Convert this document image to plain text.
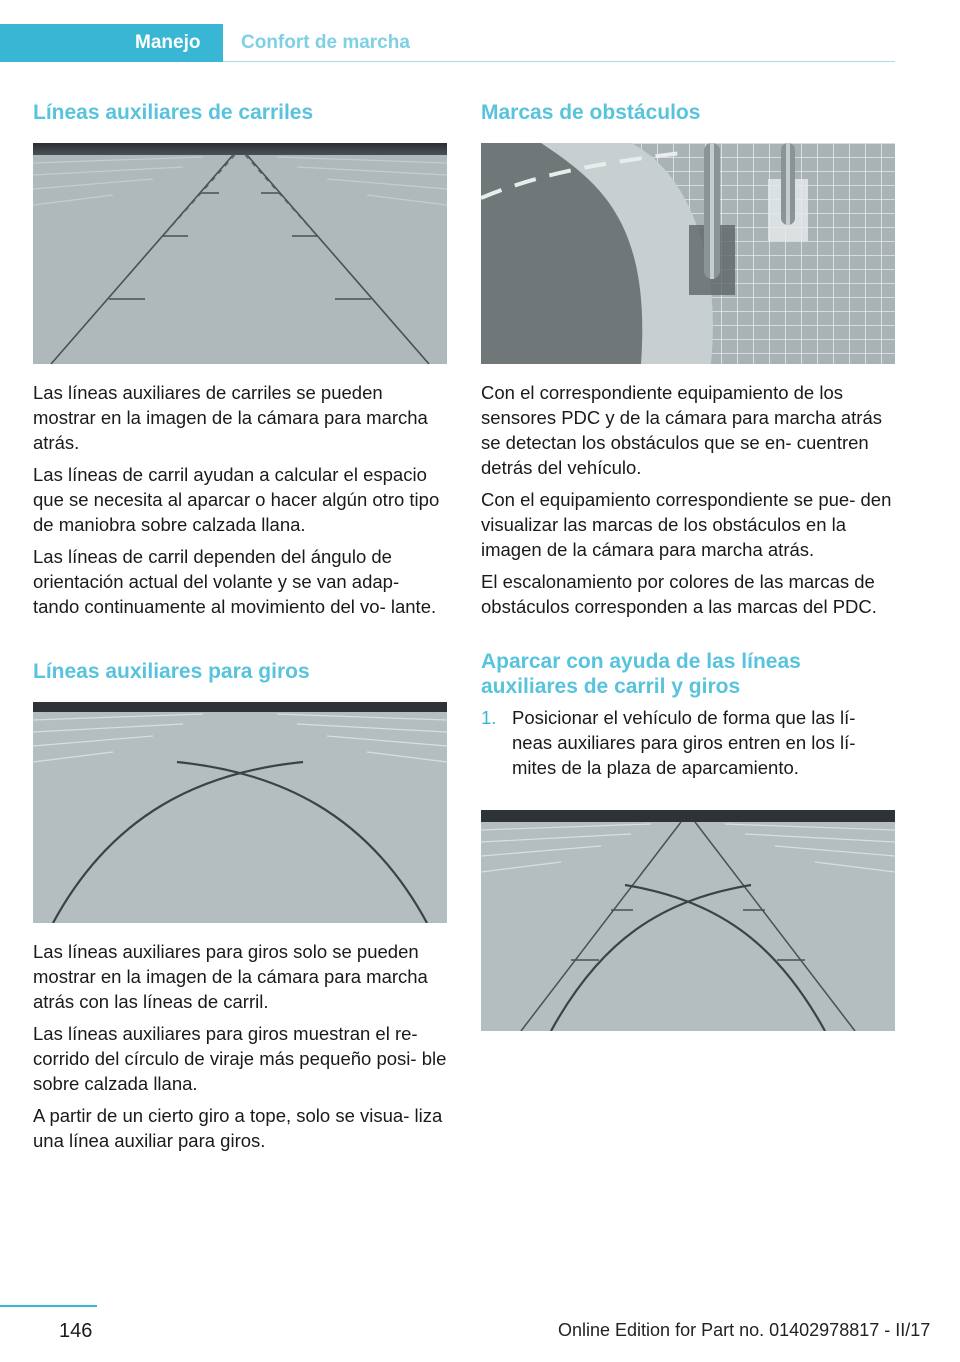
Manejo	Confort de marcha
Líneas auxiliares de carriles

Las líneas auxiliares de carriles se pueden mostrar en la imagen de la cámara para marcha atrás.

Las líneas de carril ayudan a calcular el espacio que se necesita al aparcar o hacer algún otro tipo de maniobra sobre calzada llana.

Las líneas de carril dependen del ángulo de orientación actual del volante y se van adap‐ tando continuamente al movimiento del vo‐ lante.

Líneas auxiliares para giros

Las líneas auxiliares para giros solo se pueden mostrar en la imagen de la cámara para marcha atrás con las líneas de carril.

Las líneas auxiliares para giros muestran el re‐ corrido del círculo de viraje más pequeño posi‐ ble sobre calzada llana.

A partir de un cierto giro a tope, solo se visua‐ liza una línea auxiliar para giros.

Marcas de obstáculos

Con el correspondiente equipamiento de los sensores PDC y de la cámara para marcha atrás se detectan los obstáculos que se en‐ cuentren detrás del vehículo.

Con el equipamiento correspondiente se pue‐ den visualizar las marcas de los obstáculos en la imagen de la cámara para marcha atrás.

El escalonamiento por colores de las marcas de obstáculos corresponden a las marcas del PDC.

Aparcar con ayuda de las líneas auxiliares de carril y giros
1. Posicionar el vehículo de forma que las lí‐ neas auxiliares para giros entren en los lí‐ mites de la plaza de aparcamiento.
146	Online Edition for Part no. 01402978817 - II/17
